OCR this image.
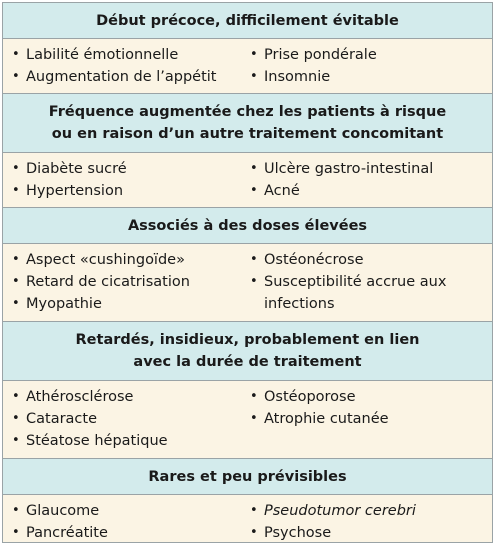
Début précoce, difficilement évitable
• Labilité émotionnelle
• Augmentation de l’appétit
• Prise pondérale
• Insomnie
Fréquence augmentée chez les patients à risque
ou en raison d’un autre traitement concomitant
• Diabète sucré
• Hypertension
• Ulcère gastro-intestinal
• Acné
Associés à des doses élevées
• Aspect «cushingoïde»
• Retard de cicatrisation
• Myopathie
• Ostéonécrose
• Susceptibilité accrue aux infections
Retardés, insidieux, probablement en lien
avec la durée de traitement
• Athérosclérose
• Cataracte
• Stéatose hépatique
• Ostéoporose
• Atrophie cutanée
Rares et peu prévisibles
• Glaucome
• Pancréatite
• Pseudotumor cerebri
• Psychose
